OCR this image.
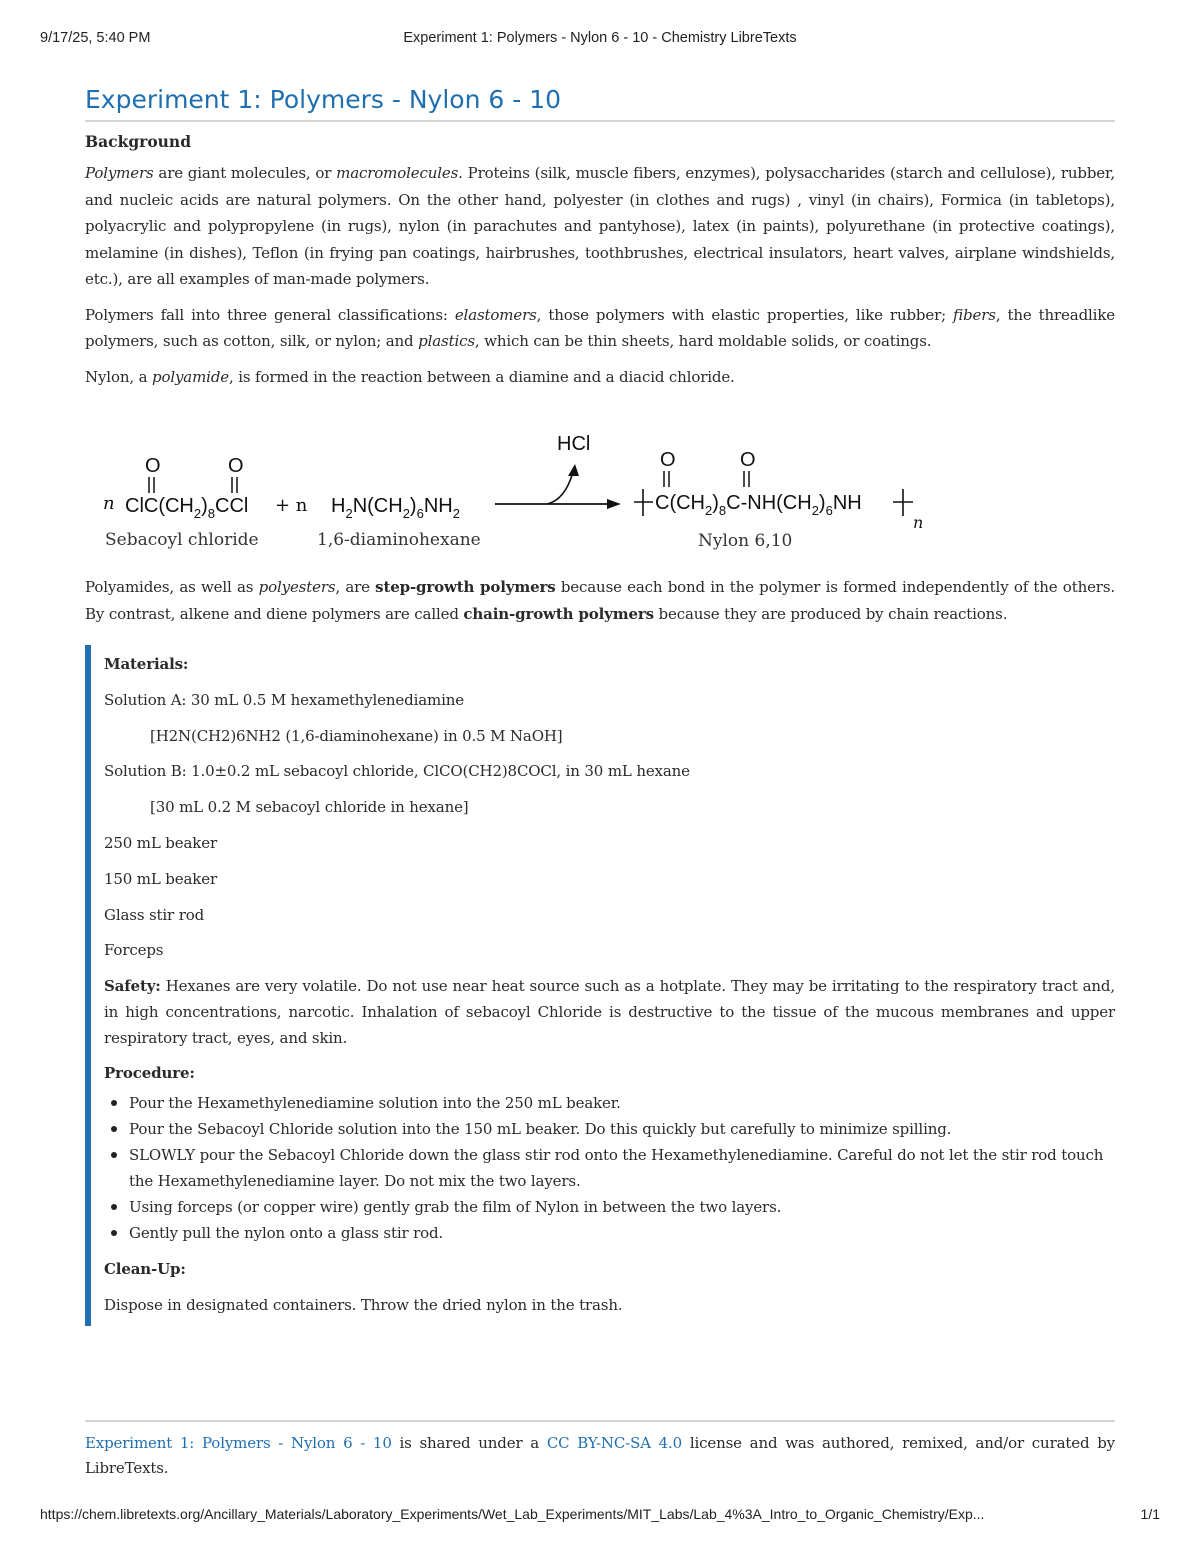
9/17/25, 5:40 PM	Experiment 1: Polymers - Nylon 6 - 10 - Chemistry LibreTexts
Experiment 1: Polymers - Nylon 6 - 10
Background

Polymers are giant molecules, or macromolecules. Proteins (silk, muscle fibers, enzymes), polysaccharides (starch and cellulose), rubber, and nucleic acids are natural polymers. On the other hand, polyester (in clothes and rugs) , vinyl (in chairs), Formica (in tabletops), polyacrylic and polypropylene (in rugs), nylon (in parachutes and pantyhose), latex (in paints), polyurethane (in protective coatings), melamine (in dishes), Teflon (in frying pan coatings, hairbrushes, toothbrushes, electrical insulators, heart valves, airplane windshields, etc.), are all examples of man-made polymers.

Polymers fall into three general classifications: elastomers, those polymers with elastic properties, like rubber; fibers, the threadlike polymers, such as cotton, silk, or nylon; and plastics, which can be thin sheets, hard moldable solids, or coatings.

Nylon, a polyamide, is formed in the reaction between a diamine and a diacid chloride.

O	O
n $ClC(CH_2)_8CCl + n$ $H_2N(CH_2)_6NH_2$
HCl
O	O
$C(CH_2)_8C-NH(CH_2)_6NH$
n
Sebacoyl chloride	1,6-diaminohexane	Nylon 6,10

Polyamides, as well as polyesters, are step-growth polymers because each bond in the polymer is formed independently of the others. By contrast, alkene and diene polymers are called chain-growth polymers because they are produced by chain reactions.

Materials:
Solution A: 30 mL 0.5 M hexamethylenediamine
[H2N(CH2)6NH2 (1,6-diaminohexane) in 0.5 M NaOH]
Solution B: 1.0±0.2 mL sebacoyl chloride, ClCO(CH2)8COCl, in 30 mL hexane
[30 mL 0.2 M sebacoyl chloride in hexane]
250 mL beaker
150 mL beaker
Glass stir rod
Forceps

Safety: Hexanes are very volatile. Do not use near heat source such as a hotplate. They may be irritating to the respiratory tract and, in high concentrations, narcotic. Inhalation of sebacoyl Chloride is destructive to the tissue of the mucous membranes and upper respiratory tract, eyes, and skin.

Procedure:
Pour the Hexamethylenediamine solution into the 250 mL beaker.
Pour the Sebacoyl Chloride solution into the 150 mL beaker. Do this quickly but carefully to minimize spilling.
SLOWLY pour the Sebacoyl Chloride down the glass stir rod onto the Hexamethylenediamine. Careful do not let the stir rod touch the Hexamethylenediamine layer. Do not mix the two layers.
Using forceps (or copper wire) gently grab the film of Nylon in between the two layers.
Gently pull the nylon onto a glass stir rod.
Clean-Up:
Dispose in designated containers. Throw the dried nylon in the trash.
Experiment 1: Polymers - Nylon 6 - 10 is shared under a CC BY-NC-SA 4.0 license and was authored, remixed, and/or curated by LibreTexts.
https://chem.libretexts.org/Ancillary_Materials/Laboratory_Experiments/Wet_Lab_Experiments/MIT_Labs/Lab_4%3A_Intro_to_Organic_Chemistry/Exp...	1/1
